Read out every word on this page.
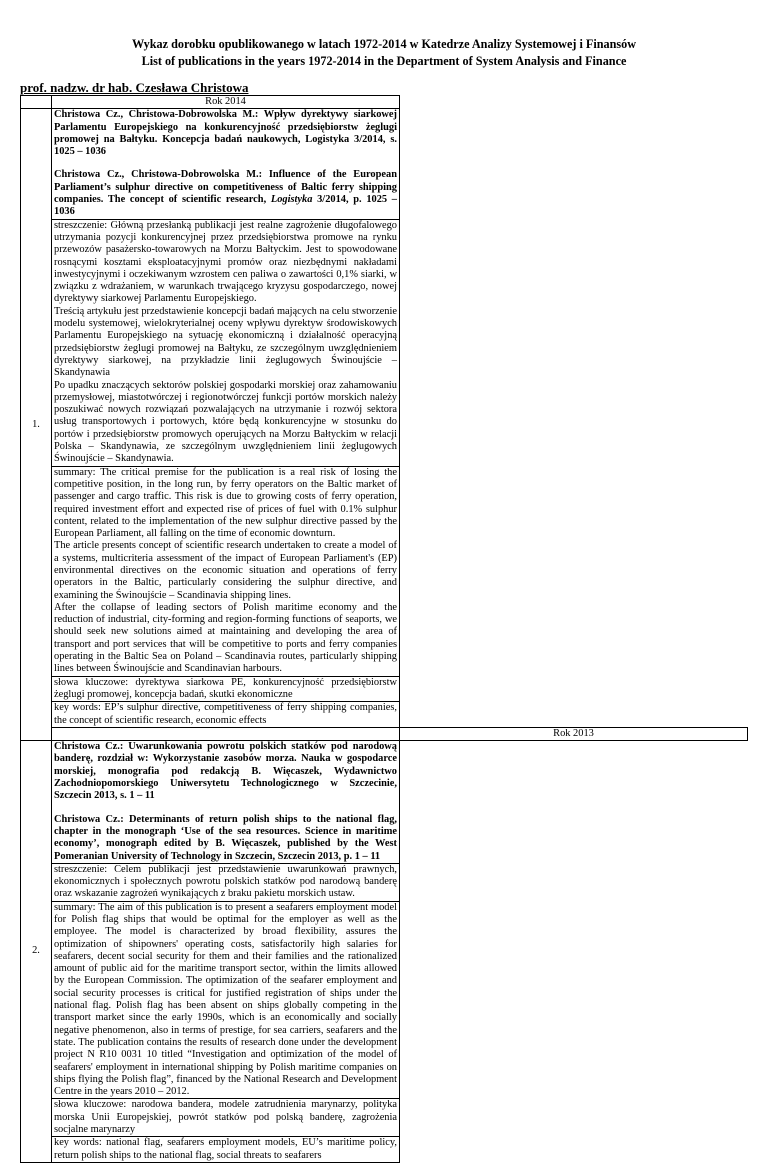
Wykaz dorobku opublikowanego w latach 1972-2014 w Katedrze Analizy Systemowej i Finansów
List of publications in the years 1972-2014 in the Department of System Analysis and Finance
prof. nadzw. dr hab. Czesława Christowa
	Rok 2014	
1.	Christowa Cz., Christowa-Dobrowolska M.: Wpływ dyrektywy siarkowej Parlamentu Europejskiego na konkurencyjność przedsiębiorstw żeglugi promowej na Bałtyku. Koncepcja badań naukowych, Logistyka 3/2014, s. 1025 – 1036
Christowa Cz., Christowa-Dobrowolska M.: Influence of the European Parliament’s sulphur directive on competitiveness of Baltic ferry shipping companies. The concept of scientific research, Logistyka 3/2014, p. 1025 – 1036	

	streszczenie: Główną przesłanką publikacji jest realne zagrożenie długofalowego utrzymania pozycji konkurencyjnej przez przedsiębiorstwa promowe na rynku przewozów pasażersko-towarowych na Morzu Bałtyckim. Jest to spowodowane rosnącymi kosztami eksploatacyjnymi promów oraz niezbędnymi nakładami inwestycyjnymi i oczekiwanym wzrostem cen paliwa o zawartości 0,1% siarki, w związku z wdrażaniem, w warunkach trwającego kryzysu gospodarczego, nowej dyrektywy siarkowej Parlamentu Europejskiego.

Treścią artykułu jest przedstawienie koncepcji badań mających na celu stworzenie modelu systemowej, wielokryterialnej oceny wpływu dyrektyw środowiskowych Parlamentu Europejskiego na sytuację ekonomiczną i działalność operacyjną przedsiębiorstw żeglugi promowej na Bałtyku, ze szczególnym uwzględnieniem dyrektywy siarkowej, na przykładzie linii żeglugowych Świnoujście – Skandynawia

Po upadku znaczących sektorów polskiej gospodarki morskiej oraz zahamowaniu przemysłowej, miastotwórczej i regionotwórczej funkcji portów morskich należy poszukiwać nowych rozwiązań pozwalających na utrzymanie i rozwój sektora usług transportowych i portowych, które będą konkurencyjne w stosunku do portów i przedsiębiorstw promowych operujących na Morzu Bałtyckim w relacji Polska – Skandynawia, ze szczególnym uwzględnieniem linii żeglugowych Świnoujście – Skandynawia.	

	summary: The critical premise for the publication is a real risk of losing the competitive position, in the long run, by ferry operators on the Baltic market of passenger and cargo traffic. This risk is due to growing costs of ferry operation, required investment effort and expected rise of prices of fuel with 0.1% sulphur content, related to the implementation of the new sulphur directive passed by the European Parliament, all falling on the time of economic downturn.

The article presents concept of scientific research undertaken to create a model of a systems, multicriteria assessment of the impact of European Parliament's (EP) environmental directives on the economic situation and operations of ferry operators in the Baltic, particularly considering the sulphur directive, and examining the Świnoujście – Scandinavia shipping lines.

After the collapse of leading sectors of Polish maritime economy and the reduction of industrial, city-forming and region-forming functions of seaports, we should seek new solutions aimed at maintaining and developing the area of transport and port services that will be competitive to ports and ferry companies operating in the Baltic Sea on Poland – Scandinavia routes, particularly shipping lines between Świnoujście and Scandinavian harbours.	

	słowa kluczowe: dyrektywa siarkowa PE, konkurencyjność przedsiębiorstw żeglugi promowej, koncepcja badań, skutki ekonomiczne	
	key words: EP’s sulphur directive, competitiveness of ferry shipping companies, the concept of scientific research, economic effects	
		Rok 2013
2.	Christowa Cz.: Uwarunkowania powrotu polskich statków pod narodową banderę, rozdział w: Wykorzystanie zasobów morza. Nauka w gospodarce morskiej, monografia pod redakcją B. Więcaszek, Wydawnictwo Zachodniopomorskiego Uniwersytetu Technologicznego w Szczecinie, Szczecin 2013, s. 1 – 11
Christowa Cz.: Determinants of return polish ships to the national flag, chapter in the monograph ‘Use of the sea resources. Science in maritime economy’, monograph edited by B. Więcaszek, published by the West Pomeranian University of Technology in Szczecin, Szczecin 2013, p. 1 – 11	

	streszczenie: Celem publikacji jest przedstawienie uwarunkowań prawnych, ekonomicznych i społecznych powrotu polskich statków pod narodową banderę oraz wskazanie zagrożeń wynikających z braku pakietu morskich ustaw.	
	summary: The aim of this publication is to present a seafarers employment model for Polish flag ships that would be optimal for the employer as well as the employee. The model is characterized by broad flexibility, assures the optimization of shipowners' operating costs, satisfactorily high salaries for seafarers, decent social security for them and their families and the rationalized amount of public aid for the maritime transport sector, within the limits allowed by the European Commission. The optimization of the seafarer employment and social security processes is critical for justified registration of ships under the national flag. Polish flag has been absent on ships globally competing in the transport market since the early 1990s, which is an economically and socially negative phenomenon, also in terms of prestige, for sea carriers, seafarers and the state. The publication contains the results of research done under the development project N R10 0031 10 titled “Investigation and optimization of the model of seafarers' employment in international shipping by Polish maritime companies on ships flying the Polish flag”, financed by the National Research and Development Centre in the years 2010 – 2012.	
	słowa kluczowe: narodowa bandera, modele zatrudnienia marynarzy, polityka morska Unii Europejskiej, powrót statków pod polską banderę, zagrożenia socjalne marynarzy	
	key words: national flag, seafarers employment models, EU’s maritime policy, return polish ships to the national flag, social threats to seafarers	
